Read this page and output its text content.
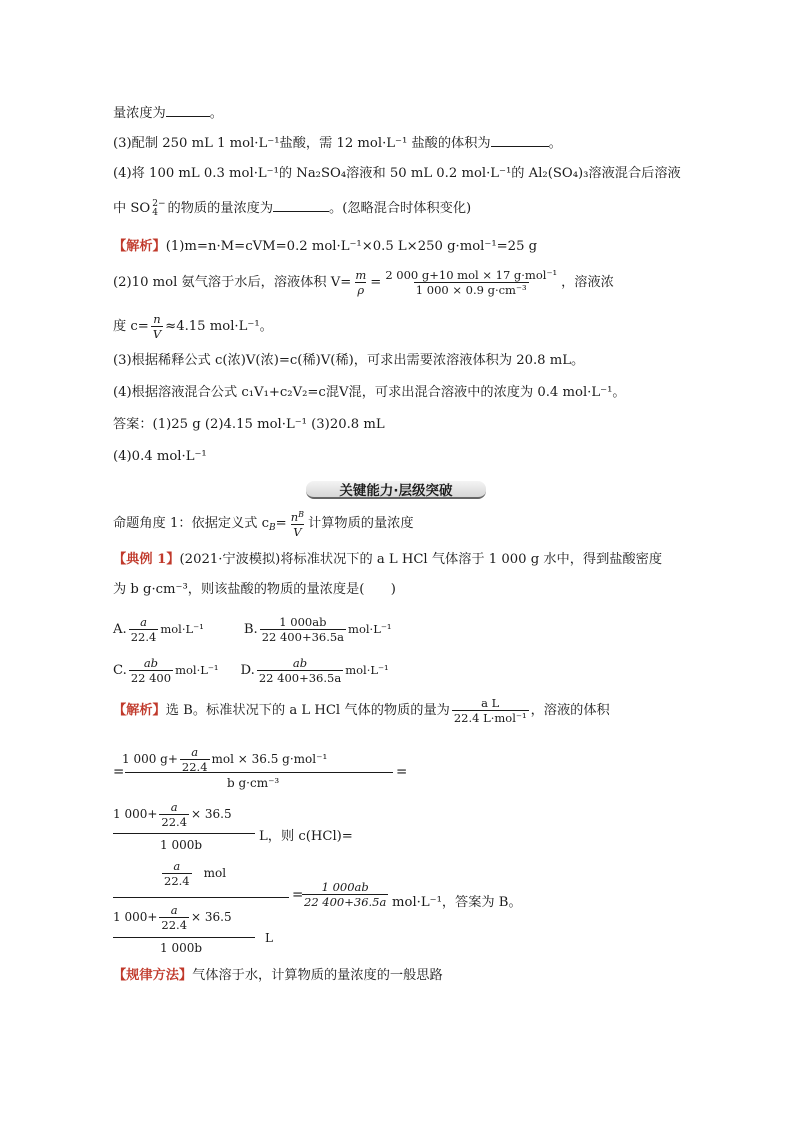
量浓度为	。
(3)配制 250 mL 1 mol·L⁻¹盐酸，需 12 mol·L⁻¹ 盐酸的体积为	。
(4)将 100 mL 0.3 mol·L⁻¹的 Na₂SO₄溶液和 50 mL 0.2 mol·L⁻¹的 Al₂(SO₄)₃溶液混合后溶液
中 SO 2−
4 的物质的量浓度为	。(忽略混合时体积变化)
【解析】(1)m=n·M=cVM=0.2 mol·L⁻¹×0.5 L×250 g·mol⁻¹=25 g
(2)10 mol 氨气溶于水后，溶液体积 $V= \frac{m}{\rho} = \frac{\text{2 000 g+10 mol × 17 g·mol⁻¹}}{\text{1 000 × 0.9 g·cm⁻³}}$ ，溶液浓
度 $c= \frac{n}{V} \approx 4.15$ mol·L⁻¹。
(3)根据稀释公式 c(浓)V(浓)=c(稀)V(稀)，可求出需要浓溶液体积为 20.8 mL。
(4)根据溶液混合公式 c₁V₁+c₂V₂=c混V混，可求出混合溶液中的浓度为 0.4 mol·L⁻¹。
答案：(1)25 g (2)4.15 mol·L⁻¹ (3)20.8 mL
(4)0.4 mol·L⁻¹
关键能力·层级突破
命题角度 1：依据定义式 $c_B= \frac{n^B}{V}$ 计算物质的量浓度
【典例 1】(2021·宁波模拟)将标准状况下的 a L HCl 气体溶于 1 000 g 水中，得到盐酸密度
为 b g·cm⁻³，则该盐酸的物质的量浓度是(　　)
A. $\frac{a}{22.4} mol\cdot L^{-1}$	B. $\frac{1 000ab}{22 400+36.5a} mol\cdot L^{-1}$
C. $\frac{ab}{22 400} mol\cdot L^{-1}$ D. $\frac{ab}{22 400+36.5a} mol\cdot L^{-1}$
【解析】选 B。标准状况下的 a L HCl 气体的物质的量为 $\frac{\text{a L}}{\text{22.4 L·mol⁻¹}}$ ，溶液的体积
1 000 $g+ \frac{a}{22.4}$ mol × 36.5 g·mol⁻¹
=
b g·cm⁻³
=
1 $000+ \frac{a}{22.4} \times 36.5$
1 000b
L，则 c(HCl)=
$\frac{a}{22.4}$ mol
=
$\frac{1 000ab}{22 400+36.5a} mol\cdot L^{-1}$，答案为 B。
1 $000+ \frac{a}{22.4} \times 36.5$
1 000b
L
【规律方法】气体溶于水，计算物质的量浓度的一般思路
